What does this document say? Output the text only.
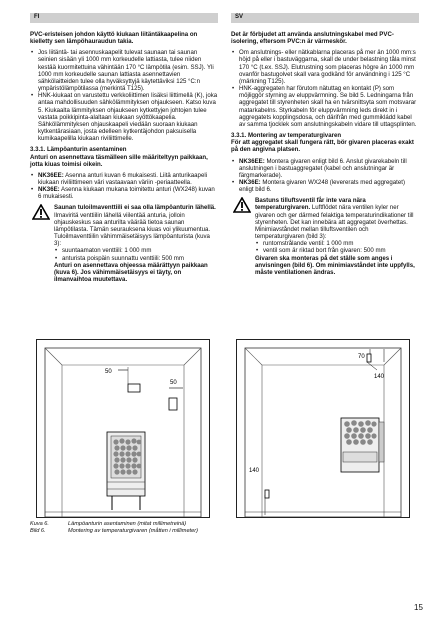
FI	SV

PVC-eristeisen johdon käyttö kiukaan liitäntäkaapelina on kielletty sen lämpöhauraudun takia.

• Jos liitäntä- tai asennuskaapelit tulevat saunaan tai saunan seinien sisään yli 1000 mm korkeudelle lattiasta, tulee niiden kestää kuormitettuina vähintään 170 °C lämpötila (esim. SSJ). Yli 1000 mm korkeudelle saunan lattiasta asennettavien sähkölaitteiden tulee olla hyväksyttyjä käytettäviksi 125 °C:n ympäristölämpötilassa (merkintä T125).
• HNK-kiukaat on varustettu verkkoliittimen lisäksi liittimellä (K), joka antaa mahdollisuuden sähkölämmityksen ohjaukseen. Katso kuva 5. Kiukaalta lämmityksen ohjaukseen kytkettyjen johtojen tulee vastata poikkipinta-alaltaan kiukaan syöttökaapelia. Sähkölämmityksen ohjauskaapeli viedään suoraan kiukaan kytkentärasiaan, josta edelleen kytkentäjohdon paksuisella kumikaapelilla kiukaan riviliittimelle.

3.3.1. Lämpöanturin asentaminen

Anturi on asennettava täsmälleen sille määriteltyyn paikkaan, jotta kiuas toimisi oikein.

• NK36EE: Asenna anturi kuvan 6 mukaisesti. Liitä anturikaapeli kiukaan riviliittimeen väri vastaavaan väriin -periaatteella.
• NK36E: Asenna kiukaan mukana toimitettu anturi (WX248) kuvan 6 mukaisesti.
Saunan tuloilmaventtiili ei saa olla lämpöanturin lähellä. Ilmaviritä venttiilin lähellä viilentää anturia, jolloin ohjauskeskus saa anturilta väärää tietoa saunan lämpötilasta. Tämän seurauksena kiuas voi ylikuumentua. Tuloilmaventtiilin vähimmäisetäisyys lämpöanturista (kuva 3):
• suuntaamaton venttiili: 1 000 mm
• anturista poispäin suunnattu venttiili: 500 mm

Anturi on asennettava ohjeessa määrättyyn paikkaan (kuva 6). Jos vähimmäisetäisyys ei täyty, on ilmanvaihtoa muutettava.

Det är förbjudet att använda anslutningskabel med PVC-isolering, eftersom PVC:n är värmeskör.

• Om anslutnings- eller nätkablarna placeras på mer än 1000 mm:s höjd på eller i bastuväggarna, skall de under belastning tåla minst 170 °C (t.ex. SSJ). Elutrustning som placeras högre än 1000 mm ovanför bastugolvet skall vara godkänd för användning i 125 °C (märkning T125).
• HNK-aggregaten har förutom nätuttag en kontakt (P) som möjliggör styrning av eluppvärmning. Se bild 5. Ledningarna från aggregatet till styrenheten skall ha en tvärsnittsyta som motsvarar matarkabelns. Styrkabeln för eluppvärmning leds direkt in i aggregatets kopplingsdosa, och därifrån med gummikládd kabel av samma tjocklek som anslutningskabeln vidare till uttagsplinten.

3.3.1. Montering av temperaturgivaren

För att aggregatet skall fungera rätt, bör givaren placeras exakt på den angivna platsen.

• NK36EE: Montera givaren enligt bild 6. Anslut givarekabeln till anslutningen i bastuaggregatet (kabel och anslutningar är färgmarkerade).
• NK36E: Montera givaren WX248 (levererats med aggregatet) enligt bild 6.
Bastuns tilluftsventil får inte vara nära temperaturgivaren. Luftflödet nära ventilen kyler ner givaren och ger därmed felaktiga temperaturindikationer till styrenheten. Det kan innebära att aggregatet överhettas. Minimiavståndet mellan tilluftsventilen och temperaturgivaren (bild 3):
• runtomstrålande ventil: 1 000 mm
• ventil som är riktad bort från givaren: 500 mm

Givaren ska monteras på det ställe som anges i anvisningen (bild 6). Om minimiavståndet inte uppfylls, måste ventilationen ändras.

50
50
70
140
140
Kuva 6.	Lämpöanturin asentaminen (mitat millimetreinä)
Bild 6.	Montering av temperaturgivaren (måtten i millimeter)
15
